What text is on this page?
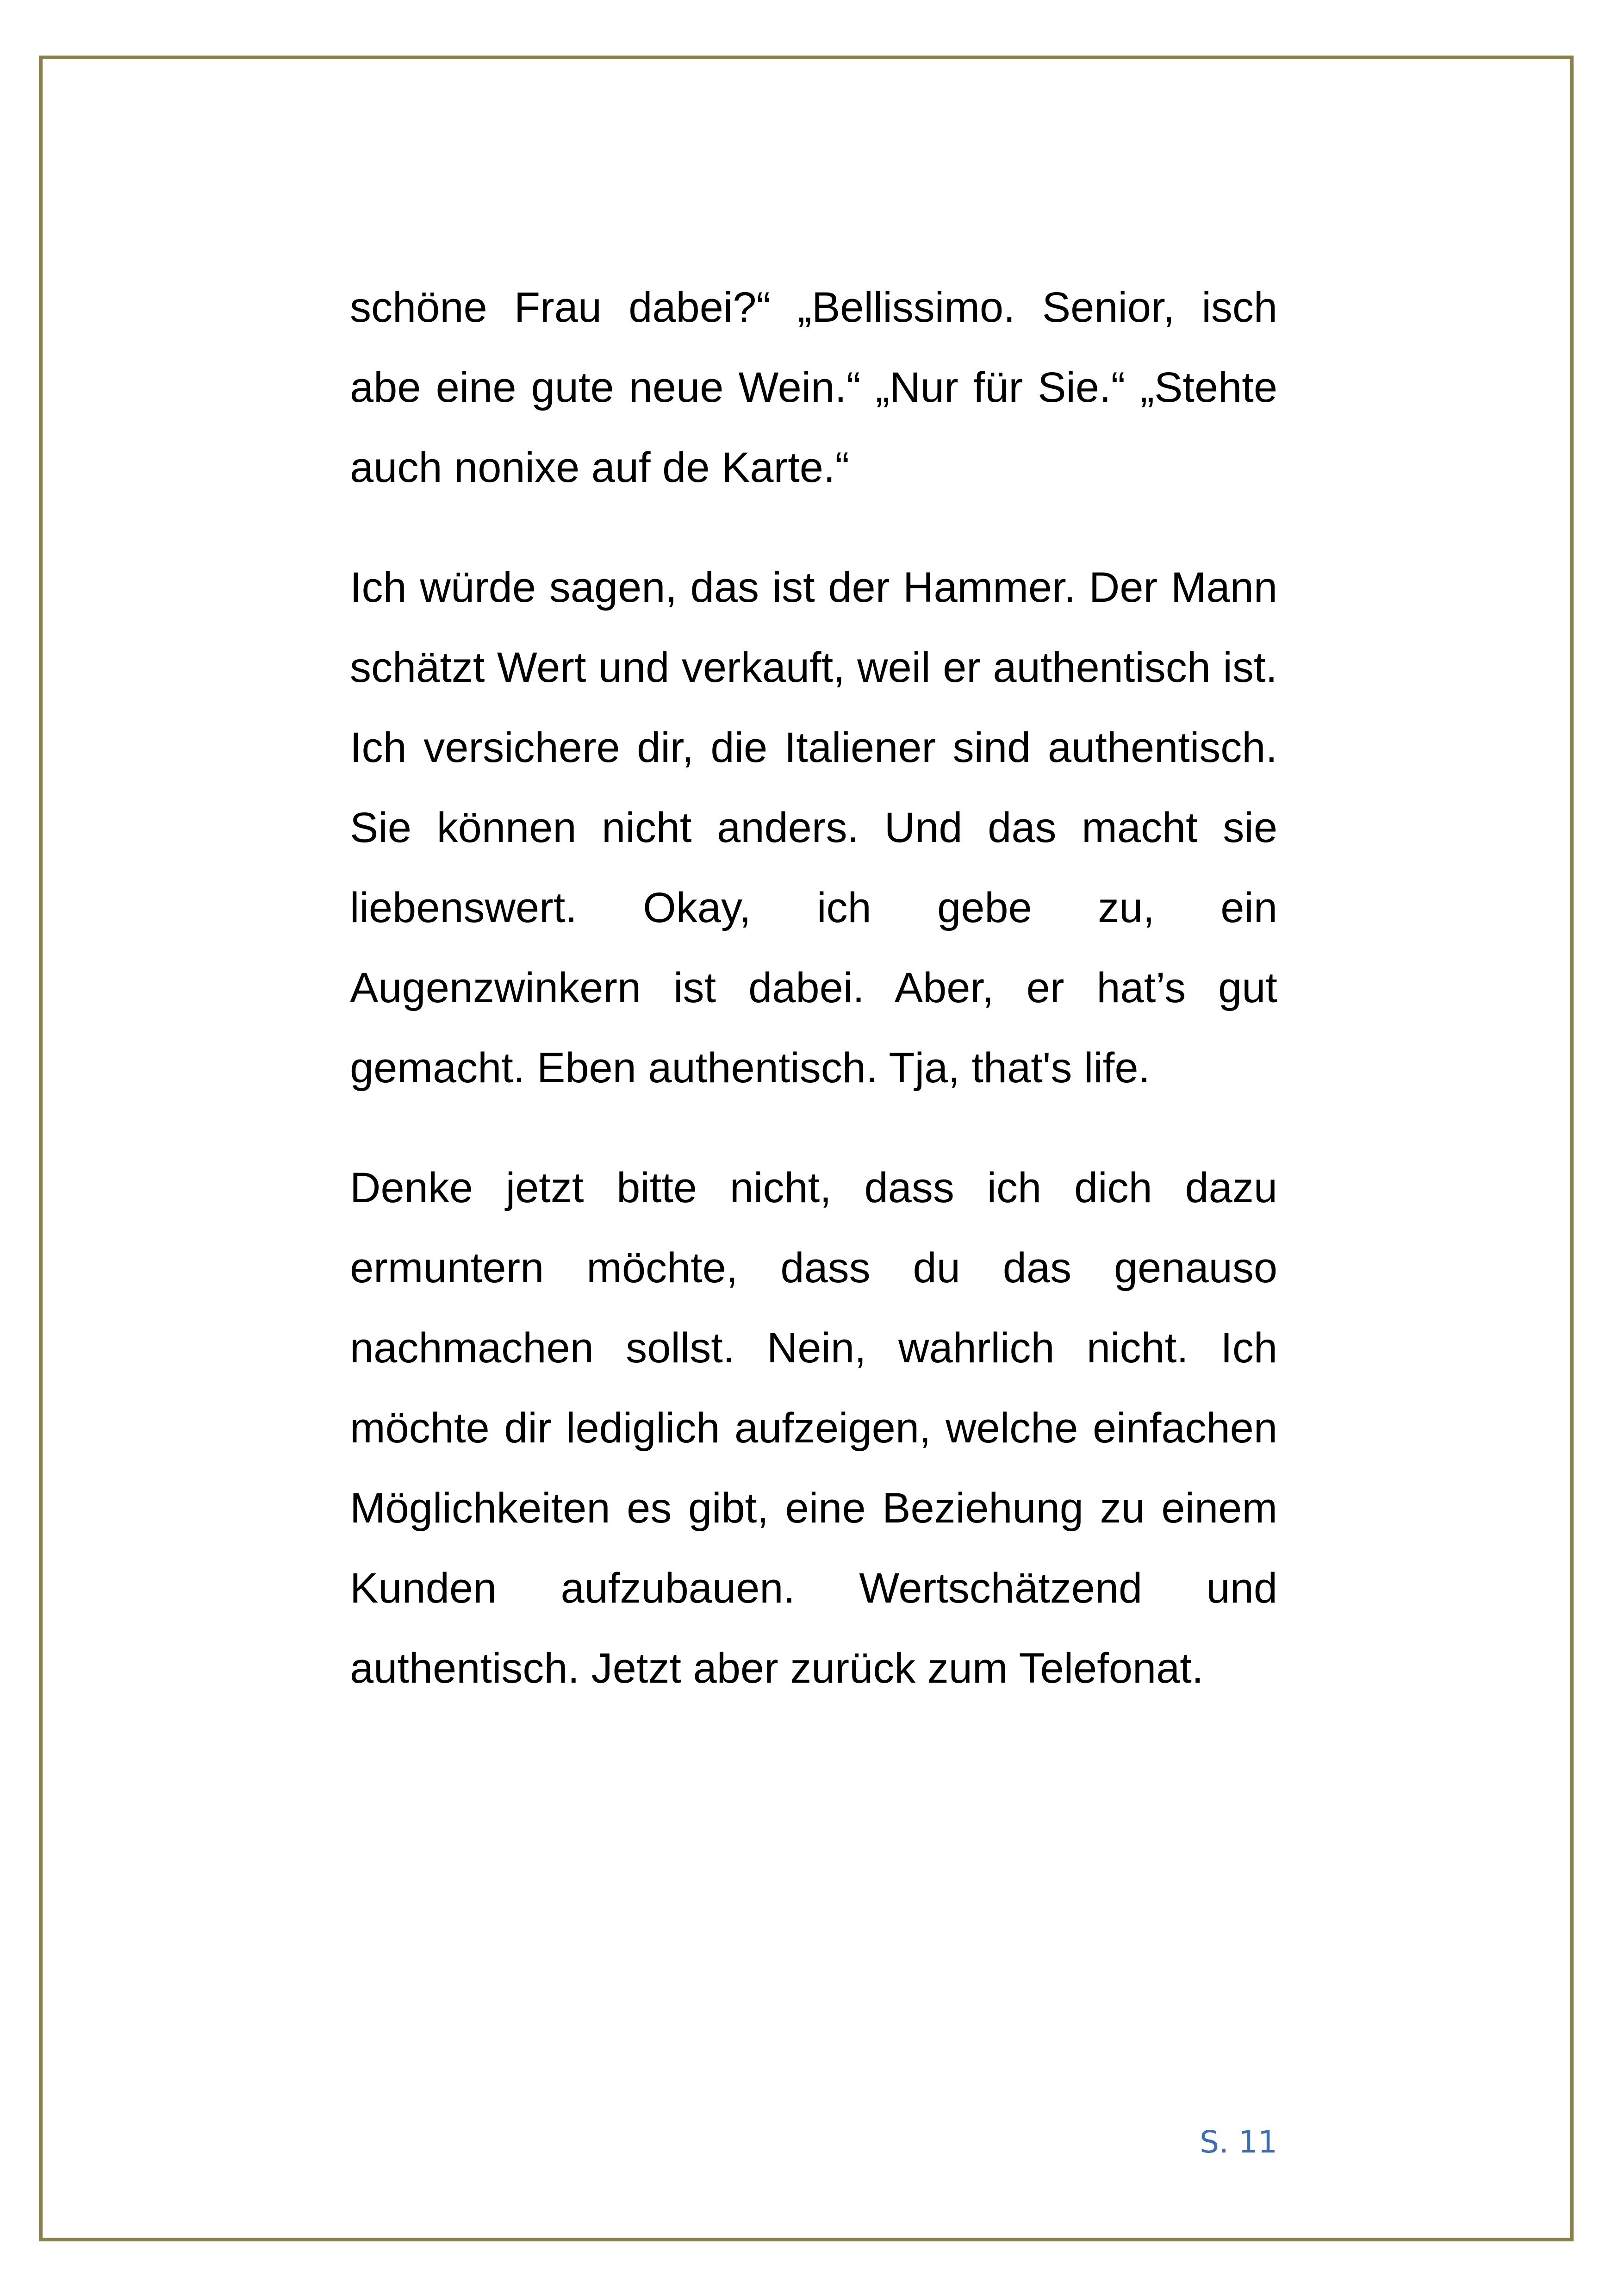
schöne Frau dabei?“ „Bellissimo. Senior, isch abe eine gute neue Wein.“ „Nur für Sie.“ „Stehte auch nonixe auf de Karte.“

Ich würde sagen, das ist der Hammer. Der Mann schätzt Wert und verkauft, weil er authentisch ist. Ich versichere dir, die Italiener sind authentisch. Sie können nicht anders. Und das macht sie liebenswert. Okay, ich gebe zu, ein Augenzwinkern ist dabei. Aber, er hat’s gut gemacht. Eben authentisch. Tja, that's life.

Denke jetzt bitte nicht, dass ich dich dazu ermuntern möchte, dass du das genauso nachmachen sollst. Nein, wahrlich nicht. Ich möchte dir lediglich aufzeigen, welche einfachen Möglichkeiten es gibt, eine Beziehung zu einem Kunden aufzubauen. Wertschätzend und authentisch. Jetzt aber zurück zum Telefonat.

S. 11
